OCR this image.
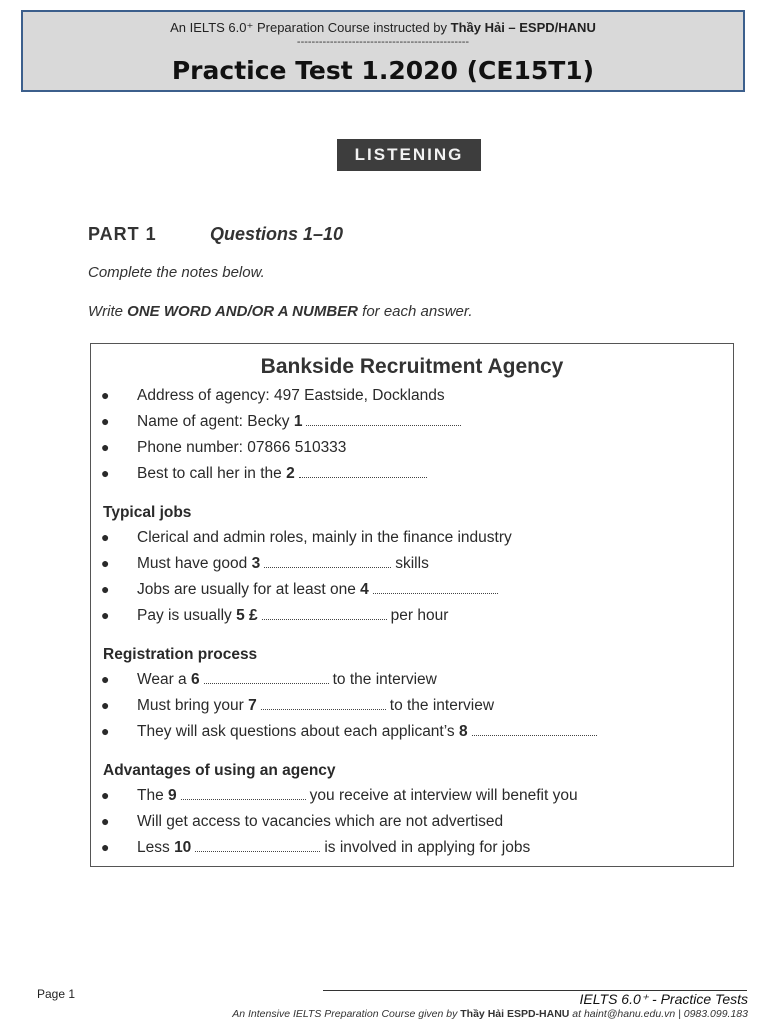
An IELTS 6.0⁺ Preparation Course instructed by Thầy Hải – ESPD/HANU
-----------------------------------------------
Practice Test 1.2020 (CE15T1)
LISTENING
PART 1	Questions 1–10
Complete the notes below.
Write ONE WORD AND/OR A NUMBER for each answer.
Bankside Recruitment Agency
● Address of agency: 497 Eastside, Docklands
● Name of agent: Becky 1
● Phone number: 07866 510333
● Best to call her in the 2
Typical jobs
● Clerical and admin roles, mainly in the finance industry
● Must have good 3	skills
● Jobs are usually for at least one 4
● Pay is usually 5 £	per hour
Registration process
● Wear a 6	to the interview
● Must bring your 7	to the interview
● They will ask questions about each applicant’s 8
Advantages of using an agency
● The 9	you receive at interview will benefit you
● Will get access to vacancies which are not advertised
● Less 10	is involved in applying for jobs
Page 1	IELTS 6.0⁺ - Practice Tests
An Intensive IELTS Preparation Course given by Thầy Hải ESPD-HANU at haint@hanu.edu.vn | 0983.099.183
